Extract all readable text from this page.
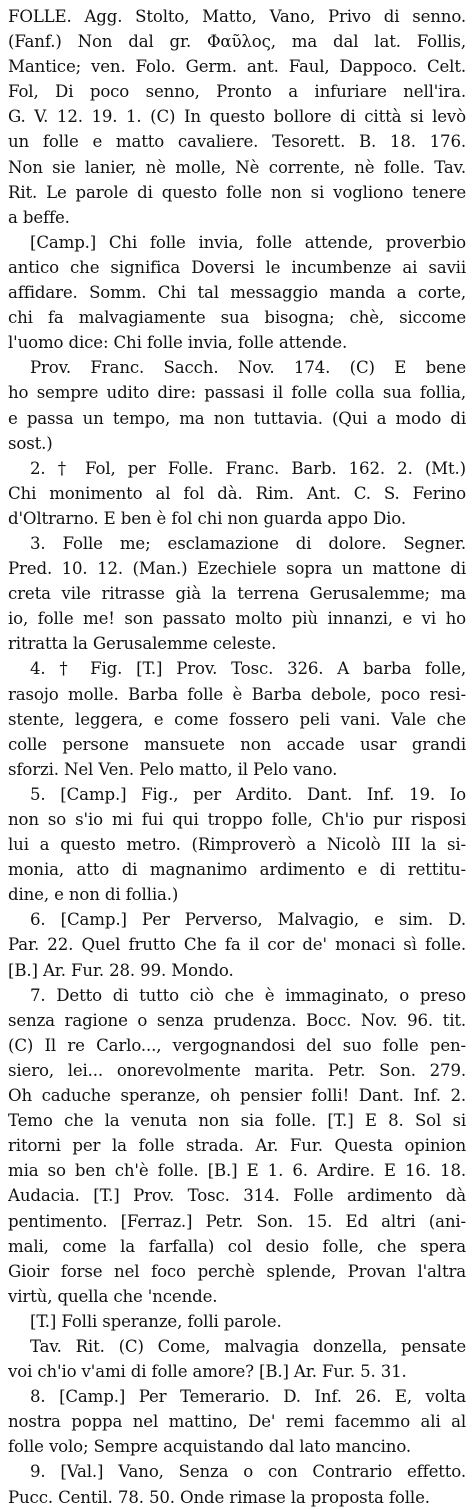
FOLLE. Agg. Stolto, Matto, Vano, Privo di senno.
(Fanf.) Non dal gr. Φαῦλος, ma dal lat. Follis,
Mantice; ven. Folo. Germ. ant. Faul, Dappoco. Celt.
Fol, Di poco senno, Pronto a infuriare nell'ira.
G. V. 12. 19. 1. (C) In questo bollore di città si levò
un folle e matto cavaliere. Tesorett. B. 18. 176.
Non sie lanier, nè molle, Nè corrente, nè folle. Tav.
Rit. Le parole di questo folle non si vogliono tenere
a beffe.
[Camp.] Chi folle invia, folle attende, proverbio
antico che significa Doversi le incumbenze ai savii
affidare. Somm. Chi tal messaggio manda a corte,
chi fa malvagiamente sua bisogna; chè, siccome
l'uomo dice: Chi folle invia, folle attende.
Prov. Franc. Sacch. Nov. 174. (C) E bene
ho sempre udito dire: passasi il folle colla sua follia,
e passa un tempo, ma non tuttavia. (Qui a modo di
sost.)
2. † Fol, per Folle. Franc. Barb. 162. 2. (Mt.)
Chi monimento al fol dà. Rim. Ant. C. S. Ferino
d'Oltrarno. E ben è fol chi non guarda appo Dio.
3. Folle me; esclamazione di dolore. Segner.
Pred. 10. 12. (Man.) Ezechiele sopra un mattone di
creta vile ritrasse già la terrena Gerusalemme; ma
io, folle me! son passato molto più innanzi, e vi ho
ritratta la Gerusalemme celeste.
4. † Fig. [T.] Prov. Tosc. 326. A barba folle,
rasojo molle. Barba folle è Barba debole, poco resi-
stente, leggera, e come fossero peli vani. Vale che
colle persone mansuete non accade usar grandi
sforzi. Nel Ven. Pelo matto, il Pelo vano.
5. [Camp.] Fig., per Ardito. Dant. Inf. 19. Io
non so s'io mi fui qui troppo folle, Ch'io pur risposi
lui a questo metro. (Rimproverò a Nicolò III la si-
monia, atto di magnanimo ardimento e di rettitu-
dine, e non di follia.)
6. [Camp.] Per Perverso, Malvagio, e sim. D.
Par. 22. Quel frutto Che fa il cor de' monaci sì folle.
[B.] Ar. Fur. 28. 99. Mondo.
7. Detto di tutto ciò che è immaginato, o preso
senza ragione o senza prudenza. Bocc. Nov. 96. tit.
(C) Il re Carlo..., vergognandosi del suo folle pen-
siero, lei... onorevolmente marita. Petr. Son. 279.
Oh caduche speranze, oh pensier folli! Dant. Inf. 2.
Temo che la venuta non sia folle. [T.] E 8. Sol si
ritorni per la folle strada. Ar. Fur. Questa opinion
mia so ben ch'è folle. [B.] E 1. 6. Ardire. E 16. 18.
Audacia. [T.] Prov. Tosc. 314. Folle ardimento dà
pentimento. [Ferraz.] Petr. Son. 15. Ed altri (ani-
mali, come la farfalla) col desio folle, che spera
Gioir forse nel foco perchè splende, Provan l'altra
virtù, quella che 'ncende.
[T.] Folli speranze, folli parole.
Tav. Rit. (C) Come, malvagia donzella, pensate
voi ch'io v'ami di folle amore? [B.] Ar. Fur. 5. 31.
8. [Camp.] Per Temerario. D. Inf. 26. E, volta
nostra poppa nel mattino, De' remi facemmo ali al
folle volo; Sempre acquistando dal lato mancino.
9. [Val.] Vano, Senza o con Contrario effetto.
Pucc. Centil. 78. 50. Onde rimase la proposta folle.
